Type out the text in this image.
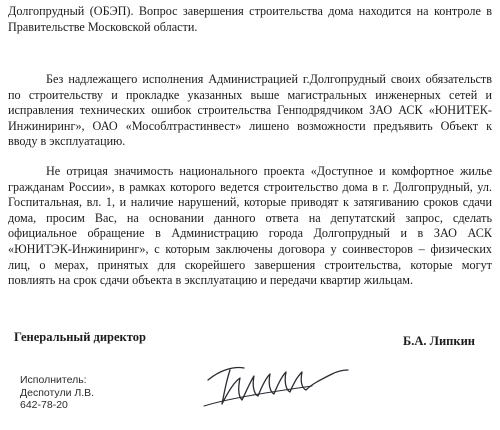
Долгопрудный (ОБЭП). Вопрос завершения строительства дома находится на контроле в
Правительстве Московской области.

Без надлежащего исполнения Администрацией г.Долгопрудный своих обязательств
по строительству и прокладке указанных выше магистральных инженерных сетей и
исправления технических ошибок строительства Генподрядчиком ЗАО АСК «ЮНИТЕК-
Инжиниринг», ОАО «Мособлтрастинвест» лишено возможности предъявить Объект к
вводу в эксплуатацию.

Не отрицая значимость национального проекта «Доступное и комфортное жилье
гражданам России», в рамках которого ведется строительство дома в г. Долгопрудный, ул.
Госпитальная, вл. 1, и наличие нарушений, которые приводят к затягиванию сроков сдачи
дома, просим Вас, на основании данного ответа на депутатский запрос, сделать
официальное обращение в Администрацию города Долгопрудный и в ЗАО АСК
«ЮНИТЭК-Инжиниринг», с которым заключены договора у соинвесторов – физических
лиц, о мерах, принятых для скорейшего завершения строительства, которые могут
повлиять на срок сдачи объекта в эксплуатацию и передачи квартир жильцам.

Генеральный директор	Б.А. Липкин
Исполнитель:
Деспотули Л.В.
642-78-20
